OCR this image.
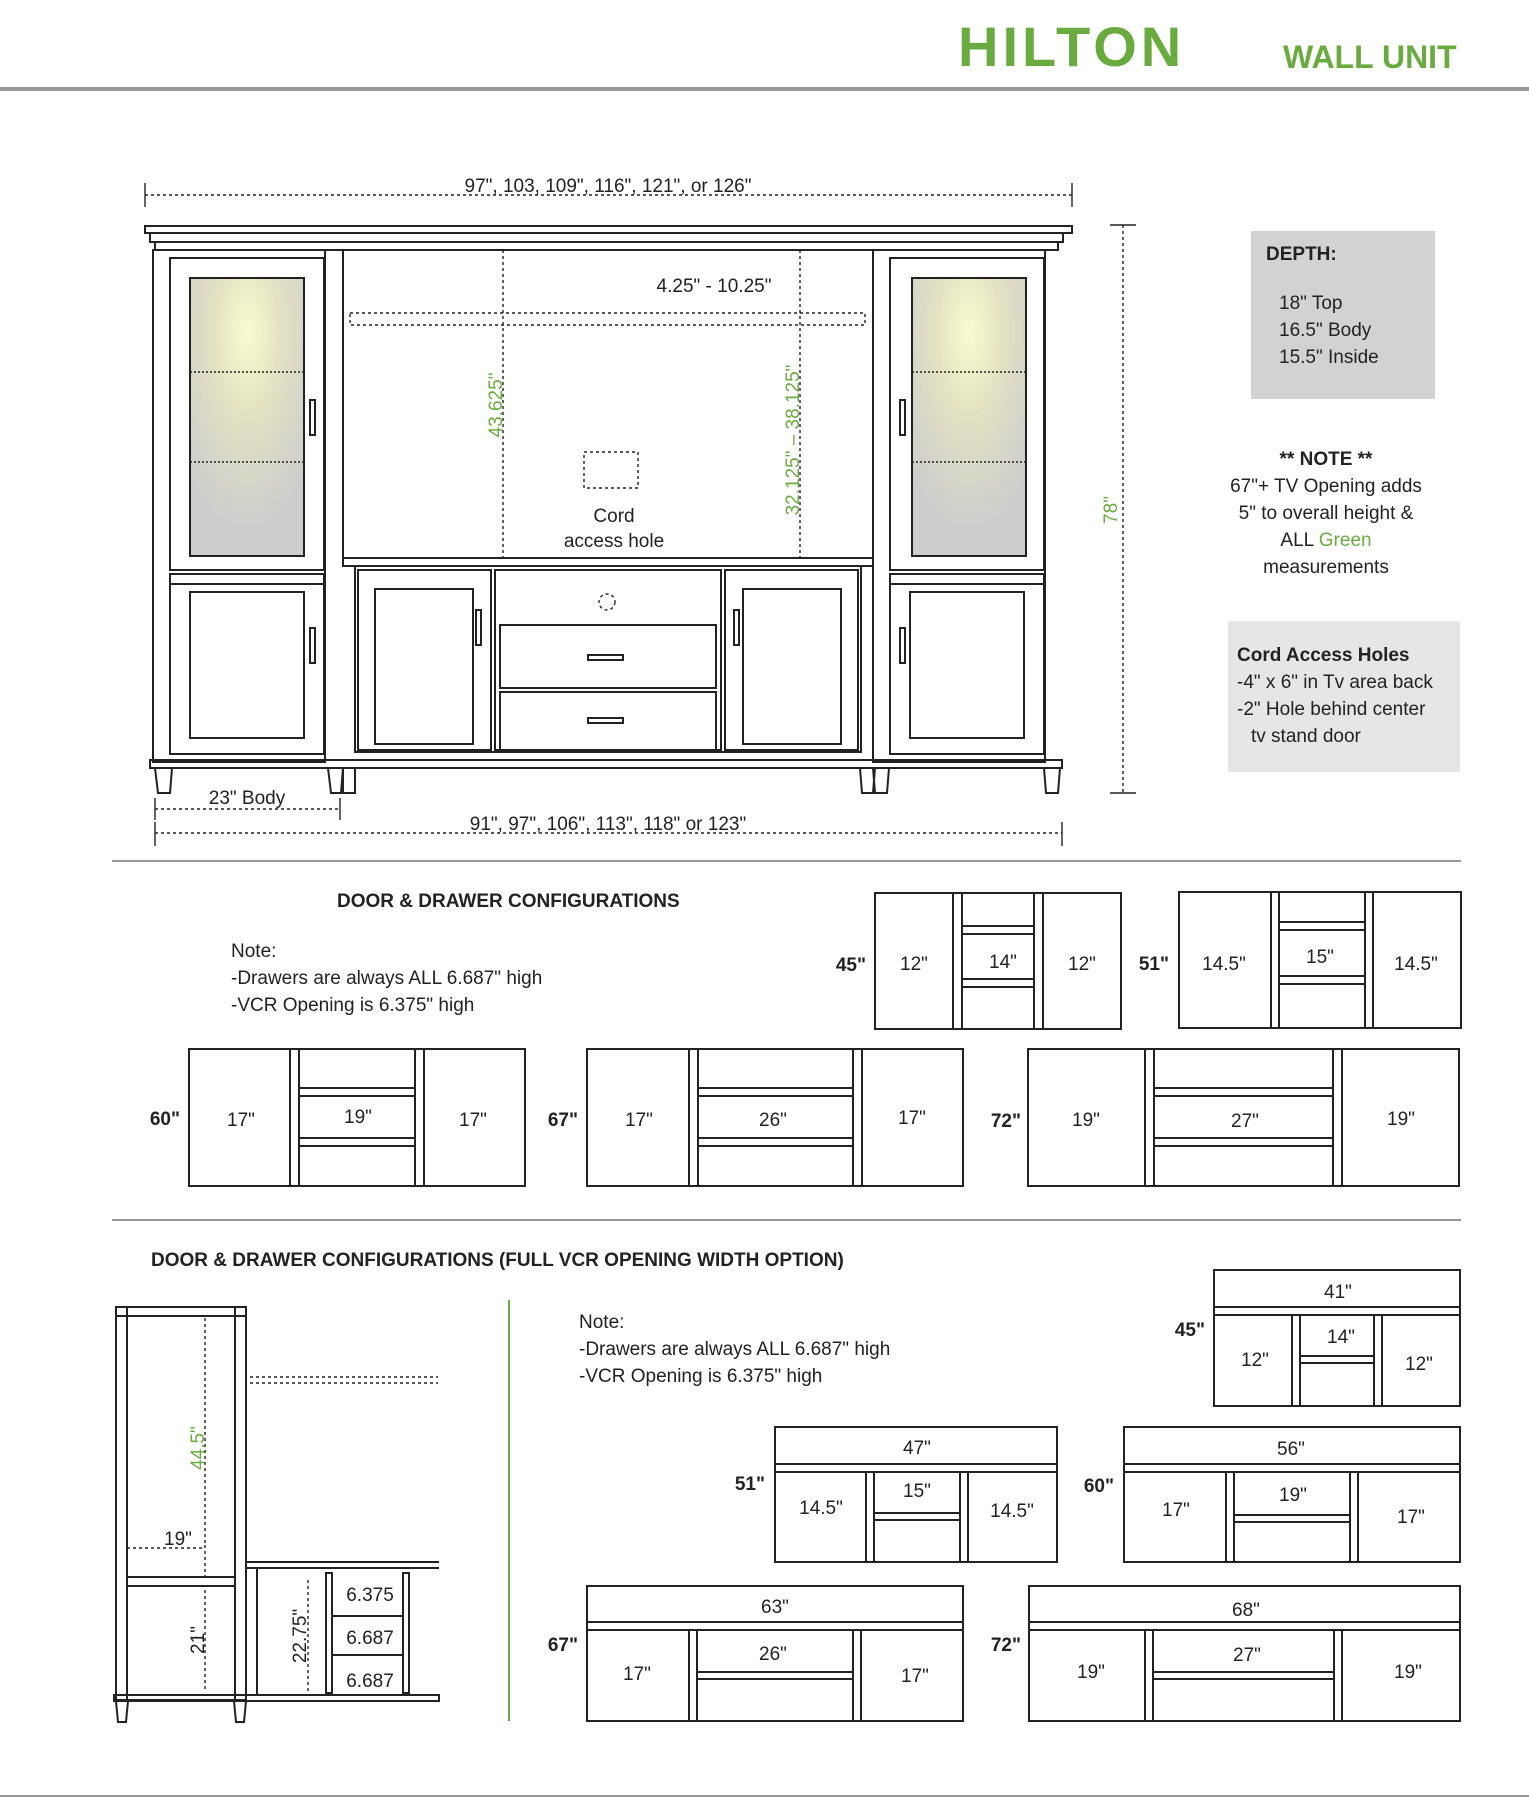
HILTON	WALL UNIT
97", 103, 109", 116", 121", or 126"
Cord
access hole
4.25" - 10.25"
43.625"	32.125" – 38.125"	78"
23" Body
91", 97", 106", 113", 118" or 123"
DEPTH:
18" Top
16.5" Body
15.5" Inside
** NOTE **
67"+ TV Opening adds
5" to overall height &
ALL Green
measurements
Cord Access Holes
-4" x 6" in Tv area back
-2" Hole behind center
tv stand door
DOOR & DRAWER CONFIGURATIONS
Note:
-Drawers are always ALL 6.687" high
-VCR Opening is 6.375" high
45" 12"	14"	12" 51" 14.5"	15"	14.5"
60" 17"	19"	17"	67" 17"	26"	17"	72"	19"	27"	19"
DOOR & DRAWER CONFIGURATIONS (FULL VCR OPENING WIDTH OPTION)
44.5"
19"
21"	22.75"
6.375
6.687
6.687
Note:
-Drawers are always ALL 6.687" high
-VCR Opening is 6.375" high
45"
41"
12"
14"
12"
51"
47"
14.5"
15"
14.5"
60"
56"
17"
19"
17"
67"
63"
17"
26"
17"
72"
68"
19"
27"
19"
